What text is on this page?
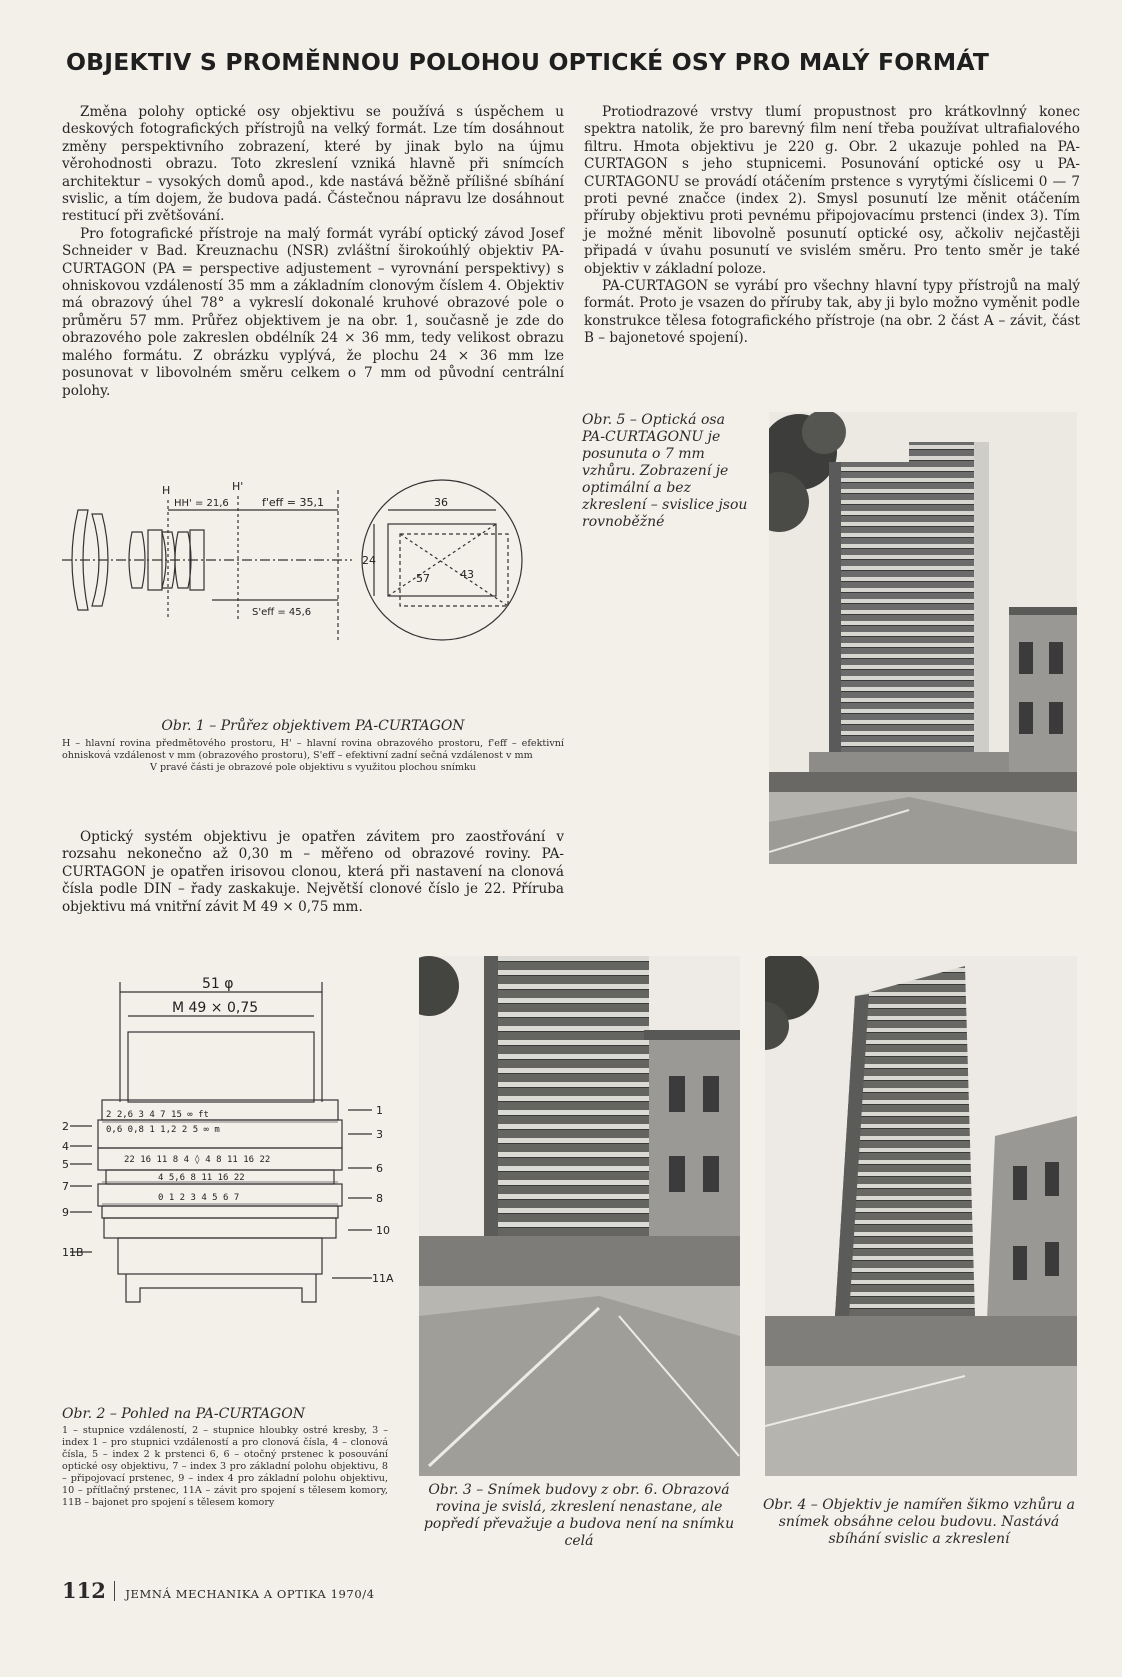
OBJEKTIV S PROMĚNNOU POLOHOU OPTICKÉ OSY PRO MALÝ FORMÁT

Změna polohy optické osy objektivu se používá s úspěchem u deskových fotografických přístrojů na velký formát. Lze tím dosáhnout změny perspektivního zobrazení, které by jinak bylo na újmu věrohodnosti obrazu. Toto zkreslení vzniká hlavně při snímcích architektur – vysokých domů apod., kde nastává běžně přílišné sbíhání svislic, a tím dojem, že budova padá. Částečnou nápravu lze dosáhnout restitucí při zvětšování.

Pro fotografické přístroje na malý formát vyrábí optický závod Josef Schneider v Bad. Kreuznachu (NSR) zvláštní širokoúhlý objektiv PA-CURTAGON (PA = perspective adjustement – vyrovnání perspektivy) s ohniskovou vzdáleností 35 mm a základním clonovým číslem 4. Objektiv má obrazový úhel 78° a vykreslí dokonalé kruhové obrazové pole o průměru 57 mm. Průřez objektivem je na obr. 1, současně je zde do obrazového pole zakreslen obdélník 24 × 36 mm, tedy velikost obrazu malého formátu. Z obrázku vyplývá, že plochu 24 × 36 mm lze posunovat v libovolném směru celkem o 7 mm od původní centrální polohy.

Protiodrazové vrstvy tlumí propustnost pro krátkovlnný konec spektra natolik, že pro barevný film není třeba používat ultrafialového filtru. Hmota objektivu je 220 g. Obr. 2 ukazuje pohled na PA-CURTAGON s jeho stupnicemi. Posunování optické osy u PA-CURTAGONU se provádí otáčením prstence s vyrytými číslicemi 0 — 7 proti pevné značce (index 2). Smysl posunutí lze měnit otáčením příruby objektivu proti pevnému připojovacímu prstenci (index 3). Tím je možné měnit libovolně posunutí optické osy, ačkoliv nejčastěji připadá v úvahu posunutí ve svislém směru. Pro tento směr je také objektiv v základní poloze.

PA-CURTAGON se vyrábí pro všechny hlavní typy přístrojů na malý formát. Proto je vsazen do příruby tak, aby ji bylo možno vyměnit podle konstrukce tělesa fotografického přístroje (na obr. 2 část A – závit, část B – bajonetové spojení).

Obr. 5 – Optická osa PA-CURTAGONU je posunuta o 7 mm vzhůru. Zobrazení je optimální a bez zkreslení – svislice jsou rovnoběžné
H	H'
HH' = 21,6	f'eff = 35,1
S'eff = 45,6
36
24
57	43
Obr. 1 – Průřez objektivem PA-CURTAGON
H – hlavní rovina předmětového prostoru, H' – hlavní rovina obrazového prostoru, f'eff – efektivní ohnisková vzdálenost v mm (obrazového prostoru), S'eff – efektivní zadní sečná vzdálenost v mm
V pravé části je obrazové pole objektivu s využitou plochou snímku

Optický systém objektivu je opatřen závitem pro zaostřování v rozsahu nekonečno až 0,30 m – měřeno od obrazové roviny. PA-CURTAGON je opatřen irisovou clonou, která při nastavení na clonová čísla podle DIN – řady zaskakuje. Největší clonové číslo je 22. Příruba objektivu má vnitřní závit M 49 × 0,75 mm.

51 φ
M 49 × 0,75
2 2,6 3 4 7 15 ∞ ft
0,6 0,8 1 1,2 2 5 ∞ m
22 16 11 8 4 ◊ 4 8 11 16 22
4 5,6 8 11 16 22
0 1 2 3 4 5 6 7
2
4
5
7
9
11B
1
3
6
8
10
11A
Obr. 2 – Pohled na PA-CURTAGON
1 – stupnice vzdáleností, 2 – stupnice hloubky ostré kresby, 3 – index 1 – pro stupnici vzdáleností a pro clonová čísla, 4 – clonová čísla, 5 – index 2 k prstenci 6, 6 – otočný prstenec k posouvání optické osy objektivu, 7 – index 3 pro základní polohu objektivu, 8 – připojovací prstenec, 9 – index 4 pro základní polohu objektivu, 10 – přítlačný prstenec, 11A – závit pro spojení s tělesem komory, 11B – bajonet pro spojení s tělesem komory
Obr. 3 – Snímek budovy z obr. 6. Obrazová rovina je svislá, zkreslení nenastane, ale popředí převažuje a budova není na snímku celá
Obr. 4 – Objektiv je namířen šikmo vzhůru a snímek obsáhne celou budovu. Nastává sbíhání svislic a zkreslení
112 JEMNÁ MECHANIKA A OPTIKA 1970/4
